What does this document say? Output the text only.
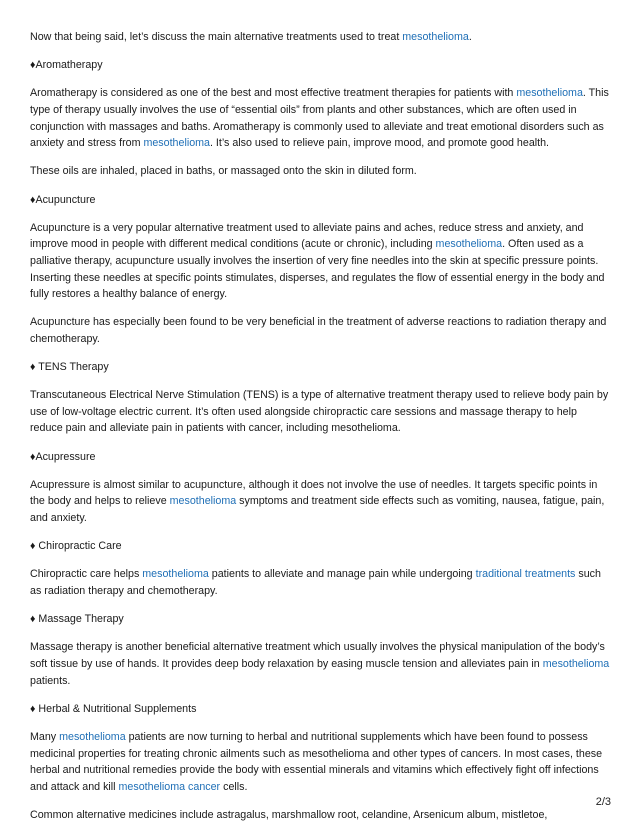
Now that being said, let’s discuss the main alternative treatments used to treat mesothelioma.

♦Aromatherapy

Aromatherapy is considered as one of the best and most effective treatment therapies for patients with mesothelioma. This type of therapy usually involves the use of “essential oils” from plants and other substances, which are often used in conjunction with massages and baths. Aromatherapy is commonly used to alleviate and treat emotional disorders such as anxiety and stress from mesothelioma. It’s also used to relieve pain, improve mood, and promote good health.

These oils are inhaled, placed in baths, or massaged onto the skin in diluted form.

♦Acupuncture

Acupuncture is a very popular alternative treatment used to alleviate pains and aches, reduce stress and anxiety, and improve mood in people with different medical conditions (acute or chronic), including mesothelioma. Often used as a palliative therapy, acupuncture usually involves the insertion of very fine needles into the skin at specific pressure points. Inserting these needles at specific points stimulates, disperses, and regulates the flow of essential energy in the body and fully restores a healthy balance of energy.

Acupuncture has especially been found to be very beneficial in the treatment of adverse reactions to radiation therapy and chemotherapy.

♦ TENS Therapy

Transcutaneous Electrical Nerve Stimulation (TENS) is a type of alternative treatment therapy used to relieve body pain by use of low-voltage electric current. It’s often used alongside chiropractic care sessions and massage therapy to help reduce pain and alleviate pain in patients with cancer, including mesothelioma.

♦Acupressure

Acupressure is almost similar to acupuncture, although it does not involve the use of needles. It targets specific points in the body and helps to relieve mesothelioma symptoms and treatment side effects such as vomiting, nausea, fatigue, pain, and anxiety.

♦ Chiropractic Care

Chiropractic care helps mesothelioma patients to alleviate and manage pain while undergoing traditional treatments such as radiation therapy and chemotherapy.

♦ Massage Therapy

Massage therapy is another beneficial alternative treatment which usually involves the physical manipulation of the body’s soft tissue by use of hands. It provides deep body relaxation by easing muscle tension and alleviates pain in mesothelioma patients.

♦ Herbal & Nutritional Supplements

Many mesothelioma patients are now turning to herbal and nutritional supplements which have been found to possess medicinal properties for treating chronic ailments such as mesothelioma and other types of cancers. In most cases, these herbal and nutritional remedies provide the body with essential minerals and vitamins which effectively fight off infections and attack and kill mesothelioma cancer cells.

Common alternative medicines include astragalus, marshmallow root, celandine, Arsenicum album, mistletoe,

2/3
